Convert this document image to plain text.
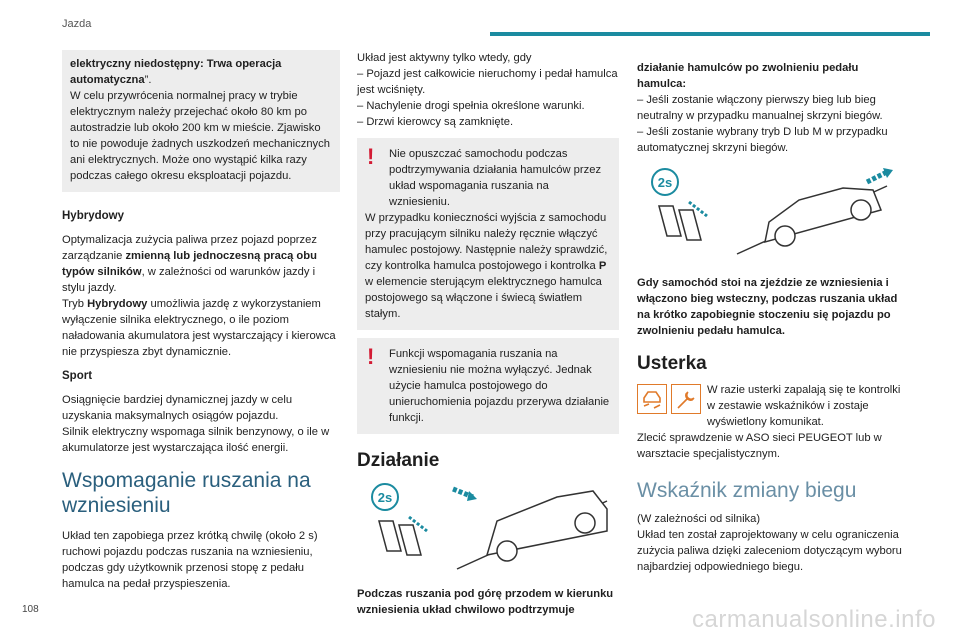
Jazda

elektryczny niedostępny: Trwa operacja automatyczna”.
W celu przywrócenia normalnej pracy w trybie elektrycznym należy przejechać około 80 km po autostradzie lub około 200 km w mieście. Zjawisko to nie powoduje żadnych uszkodzeń mechanicznych ani elektrycznych. Może ono wystąpić kilka razy podczas całego okresu eksploatacji pojazdu.

Hybrydowy

Optymalizacja zużycia paliwa przez pojazd poprzez zarządzanie zmienną lub jednoczesną pracą obu typów silników, w zależności od warunków jazdy i stylu jazdy.

Tryb Hybrydowy umożliwia jazdę z wykorzystaniem wyłączenie silnika elektrycznego, o ile poziom naładowania akumulatora jest wystarczający i kierowca nie przyspiesza zbyt dynamicznie.

Sport

Osiągnięcie bardziej dynamicznej jazdy w celu uzyskania maksymalnych osiągów pojazdu.

Silnik elektryczny wspomaga silnik benzynowy, o ile w akumulatorze jest wystarczająca ilość energii.

Wspomaganie ruszania na wzniesieniu

Układ ten zapobiega przez krótką chwilę (około 2 s) ruchowi pojazdu podczas ruszania na wzniesieniu, podczas gdy użytkownik przenosi stopę z pedału hamulca na pedał przyspieszenia.

Układ jest aktywny tylko wtedy, gdy

– Pojazd jest całkowicie nieruchomy i pedał hamulca jest wciśnięty.

– Nachylenie drogi spełnia określone warunki.

– Drzwi kierowcy są zamknięte.

!	Nie opuszczać samochodu podczas podtrzymywania działania hamulców przez układ wspomagania ruszania na wzniesieniu.

W przypadku konieczności wyjścia z samochodu przy pracującym silniku należy ręcznie włączyć hamulec postojowy. Następnie należy sprawdzić, czy kontrolka hamulca postojowego i kontrolka P w elemencie sterującym elektrycznego hamulca postojowego są włączone i świecą światłem stałym.

!	Funkcji wspomagania ruszania na wzniesieniu nie można wyłączyć. Jednak użycie hamulca postojowego do unieruchomienia pojazdu przerywa działanie funkcji.

Działanie
2s

Podczas ruszania pod górę przodem w kierunku wzniesienia układ chwilowo podtrzymuje

działanie hamulców po zwolnieniu pedału hamulca:

– Jeśli zostanie włączony pierwszy bieg lub bieg neutralny w przypadku manualnej skrzyni biegów.

– Jeśli zostanie wybrany tryb D lub M w przypadku automatycznej skrzyni biegów.

2s

Gdy samochód stoi na zjeździe ze wzniesienia i włączono bieg wsteczny, podczas ruszania układ na krótko zapobiegnie stoczeniu się pojazdu po zwolnieniu pedału hamulca.

Usterka

W razie usterki zapalają się te kontrolki w zestawie wskaźników i zostaje wyświetlony komunikat.

Zlecić sprawdzenie w ASO sieci PEUGEOT lub w warsztacie specjalistycznym.

Wskaźnik zmiany biegu

(W zależności od silnika)

Układ ten został zaprojektowany w celu ograniczenia zużycia paliwa dzięki zaleceniom dotyczącym wyboru najbardziej odpowiedniego biegu.

108	carmanualsonline.info
